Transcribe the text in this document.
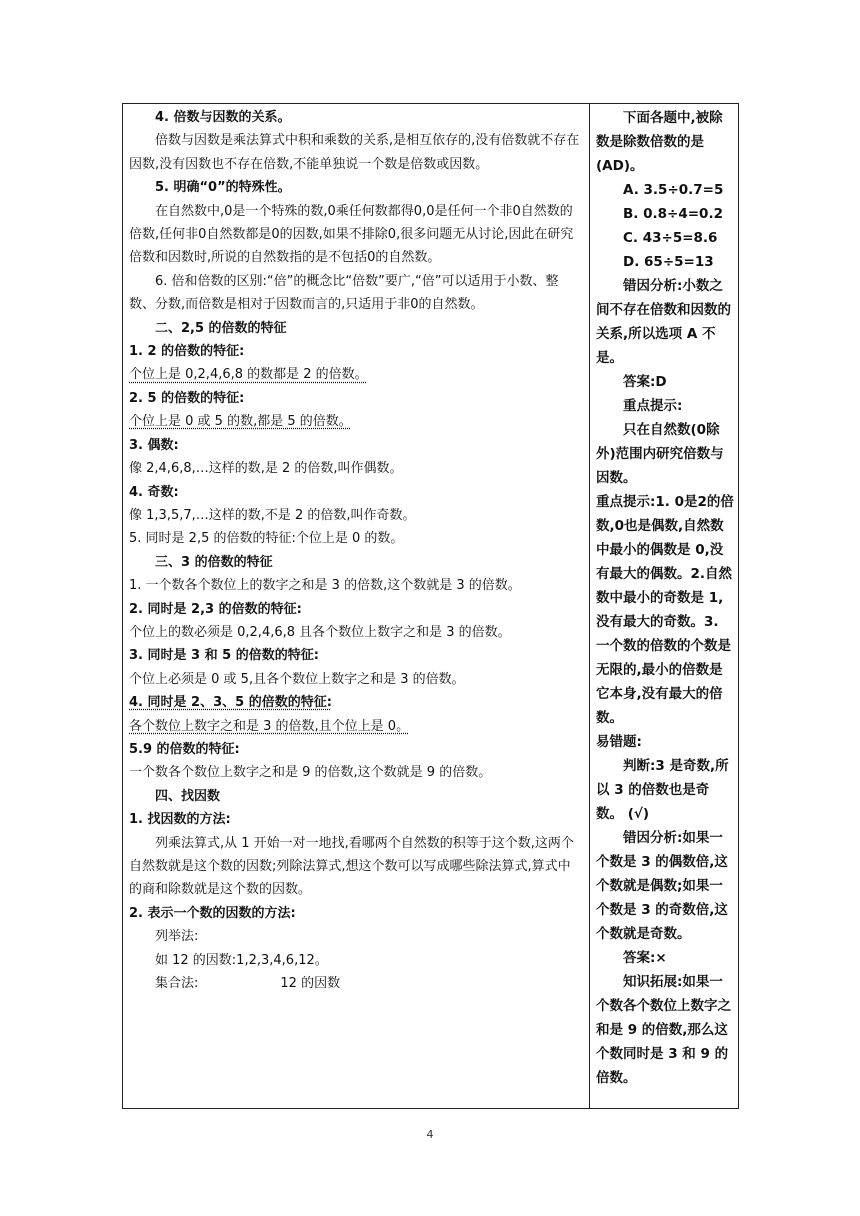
4. 倍数与因数的关系。

倍数与因数是乘法算式中积和乘数的关系,是相互依存的,没有倍数就不存在因数,没有因数也不存在倍数,不能单独说一个数是倍数或因数。

5. 明确“0”的特殊性。

在自然数中,0是一个特殊的数,0乘任何数都得0,0是任何一个非0自然数的倍数,任何非0自然数都是0的因数,如果不排除0,很多问题无从讨论,因此在研究倍数和因数时,所说的自然数指的是不包括0的自然数。

6. 倍和倍数的区别:“倍”的概念比“倍数”要广,“倍”可以适用于小数、整数、分数,而倍数是相对于因数而言的,只适用于非0的自然数。

二、2,5 的倍数的特征

1. 2 的倍数的特征:

个位上是 0,2,4,6,8 的数都是 2 的倍数。

2. 5 的倍数的特征:

个位上是 0 或 5 的数,都是 5 的倍数。

3. 偶数:

像 2,4,6,8,…这样的数,是 2 的倍数,叫作偶数。

4. 奇数:

像 1,3,5,7,…这样的数,不是 2 的倍数,叫作奇数。

5. 同时是 2,5 的倍数的特征:个位上是 0 的数。

三、3 的倍数的特征

1. 一个数各个数位上的数字之和是 3 的倍数,这个数就是 3 的倍数。

2. 同时是 2,3 的倍数的特征:

个位上的数必须是 0,2,4,6,8 且各个数位上数字之和是 3 的倍数。

3. 同时是 3 和 5 的倍数的特征:

个位上必须是 0 或 5,且各个数位上数字之和是 3 的倍数。

4. 同时是 2、3、5 的倍数的特征:

各个数位上数字之和是 3 的倍数,且个位上是 0。

5.9 的倍数的特征:

一个数各个数位上数字之和是 9 的倍数,这个数就是 9 的倍数。

四、找因数

1. 找因数的方法:

列乘法算式,从 1 开始一对一地找,看哪两个自然数的积等于这个数,这两个自然数就是这个数的因数;列除法算式,想这个数可以写成哪些除法算式,算式中的商和除数就是这个数的因数。

2. 表示一个数的因数的方法:

列举法:

如 12 的因数:1,2,3,4,6,12。

集合法:	12 的因数

下面各题中,被除数是除数倍数的是(AD)。

A. 3.5÷0.7=5

B. 0.8÷4=0.2

C. 43÷5=8.6

D. 65÷5=13

错因分析:小数之间不存在倍数和因数的关系,所以选项 A 不是。

答案:D

重点提示:

只在自然数(0除外)范围内研究倍数与因数。

重点提示:1. 0是2的倍数,0也是偶数,自然数中最小的偶数是 0,没有最大的偶数。2.自然数中最小的奇数是 1,没有最大的奇数。3. 一个数的倍数的个数是无限的,最小的倍数是它本身,没有最大的倍数。

易错题:

判断:3 是奇数,所以 3 的倍数也是奇数。 (√)

错因分析:如果一个数是 3 的偶数倍,这个数就是偶数;如果一个数是 3 的奇数倍,这个数就是奇数。

答案:×

知识拓展:如果一个数各个数位上数字之和是 9 的倍数,那么这个数同时是 3 和 9 的倍数。

4
